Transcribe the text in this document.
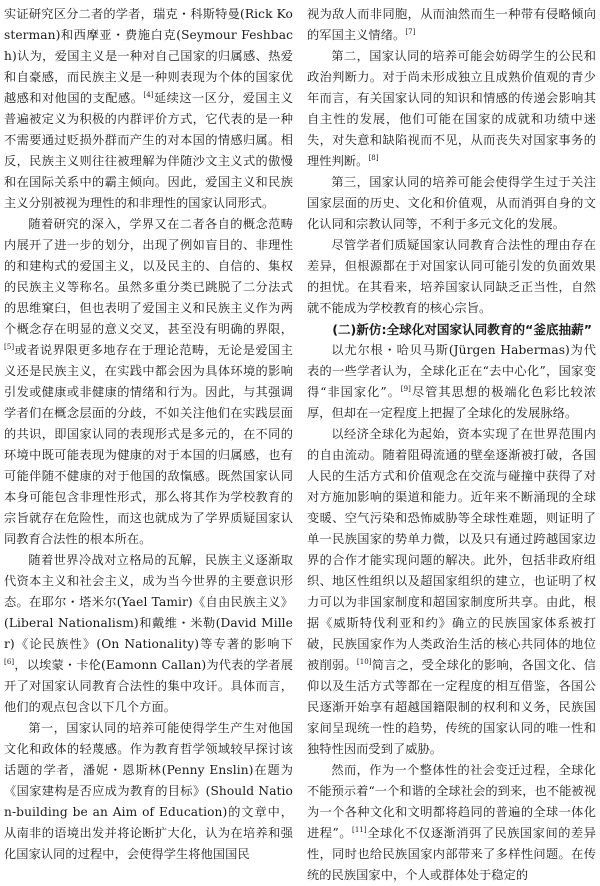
实证研究区分二者的学者，瑞克・科斯特曼(Rick Kosterman)和西摩亚・费施白克(Seymour Feshbach)认为，爱国主义是一种对自己国家的归属感、热爱和自豪感，而民族主义是一种则表现为个体的国家优越感和对他国的支配感。[4]延续这一区分，爱国主义普遍被定义为积极的内群评价方式，它代表的是一种不需要通过贬损外群而产生的对本国的情感归属。相反，民族主义则往往被理解为伴随沙文主义式的傲慢和在国际关系中的霸主倾向。因此，爱国主义和民族主义分别被视为理性的和非理性的国家认同形式。

随着研究的深入，学界又在二者各自的概念范畴内展开了进一步的划分，出现了例如盲目的、非理性的和建构式的爱国主义，以及民主的、自信的、集权的民族主义等称名。虽然多重分类已跳脱了二分法式的思维窠臼，但也表明了爱国主义和民族主义作为两个概念存在明显的意义交叉，甚至没有明确的界限，[5]或者说界限更多地存在于理论范畴，无论是爱国主义还是民族主义，在实践中都会因为具体环境的影响引发或健康或非健康的情绪和行为。因此，与其强调学者们在概念层面的分歧，不如关注他们在实践层面的共识，即国家认同的表现形式是多元的，在不同的环境中既可能表现为健康的对于本国的归属感，也有可能伴随不健康的对于他国的敌愾感。既然国家认同本身可能包含非理性形式，那么将其作为学校教育的宗旨就存在危险性，而这也就成为了学界质疑国家认同教育合法性的根本所在。

随着世界冷战对立格局的瓦解，民族主义逐渐取代资本主义和社会主义，成为当今世界的主要意识形态。在耶尔・塔米尔(Yael Tamir)《自由民族主义》(Liberal Nationalism)和戴维・米勒(David Miller)《论民族性》(On Nationality)等专著的影响下[6]，以埃蒙・卡伦(Eamonn Callan)为代表的学者展开了对国家认同教育合法性的集中攻讦。具体而言，他们的观点包含以下几个方面。

第一，国家认同的培养可能使得学生产生对他国文化和政体的轻蔑感。作为教育哲学领域较早探讨该话题的学者，潘妮・恩斯林(Penny Enslin)在题为《国家建构是否应成为教育的目标》(Should Nation-building be an Aim of Education)的文章中，从南非的语境出发并将论断扩大化，认为在培养和强化国家认同的过程中，会使得学生将他国国民

视为敌人而非同胞，从而油然而生一种带有侵略倾向的军国主义情绪。[7]

第二，国家认同的培养可能会妨碍学生的公民和政治判断力。对于尚未形成独立且成熟价值观的青少年而言，有关国家认同的知识和情感的传递会影响其自主性的发展，他们可能在国家的成就和功绩中迷失，对失意和缺陷视而不见，从而丧失对国家事务的理性判断。[8]

第三，国家认同的培养可能会使得学生过于关注国家层面的历史、文化和价值观，从而消弭自身的文化认同和宗教认同等，不利于多元文化的发展。

尽管学者们质疑国家认同教育合法性的理由存在差异，但根源都在于对国家认同可能引发的负面效果的担忧。在其看来，培养国家认同缺乏正当性，自然就不能成为学校教育的核心宗旨。

(二)新仿:全球化对国家认同教育的“釜底抽薪”

以尤尔根・哈贝马斯(Jürgen Habermas)为代表的一些学者认为，全球化正在“去中心化”，国家变得“非国家化”。[9]尽管其思想的极端化色彩比较浓厚，但却在一定程度上把握了全球化的发展脉络。

以经济全球化为起始，资本实现了在世界范围内的自由流动。随着阻碍流通的壁垒逐渐被打破，各国人民的生活方式和价值观念在交流与碰撞中获得了对对方施加影响的渠道和能力。近年来不断涌现的全球变暖、空气污染和恐怖威胁等全球性难题，则证明了单一民族国家的势单力微，以及只有通过跨越国家边界的合作才能实现问题的解决。此外，包括非政府组织、地区性组织以及超国家组织的建立，也证明了权力可以为非国家制度和超国家制度所共享。由此，根据《威斯特伐利亚和约》确立的民族国家体系被打破，民族国家作为人类政治生活的核心共同体的地位被削弱。[10]简言之，受全球化的影响，各国文化、信仰以及生活方式等都在一定程度的相互借鉴，各国公民逐渐开始享有超越国籍限制的权利和义务，民族国家间呈现统一性的趋势，传统的国家认同的唯一性和独特性因而受到了威胁。

然而，作为一个整体性的社会变迁过程，全球化不能预示着“一个和谐的全球社会的到来，也不能被视为一个各种文化和文明都将趋同的普遍的全球一体化进程”。[11]全球化不仅逐渐消弭了民族国家间的差异性，同时也给民族国家内部带来了多样性问题。在传统的民族国家中，个人或群体处于稳定的
